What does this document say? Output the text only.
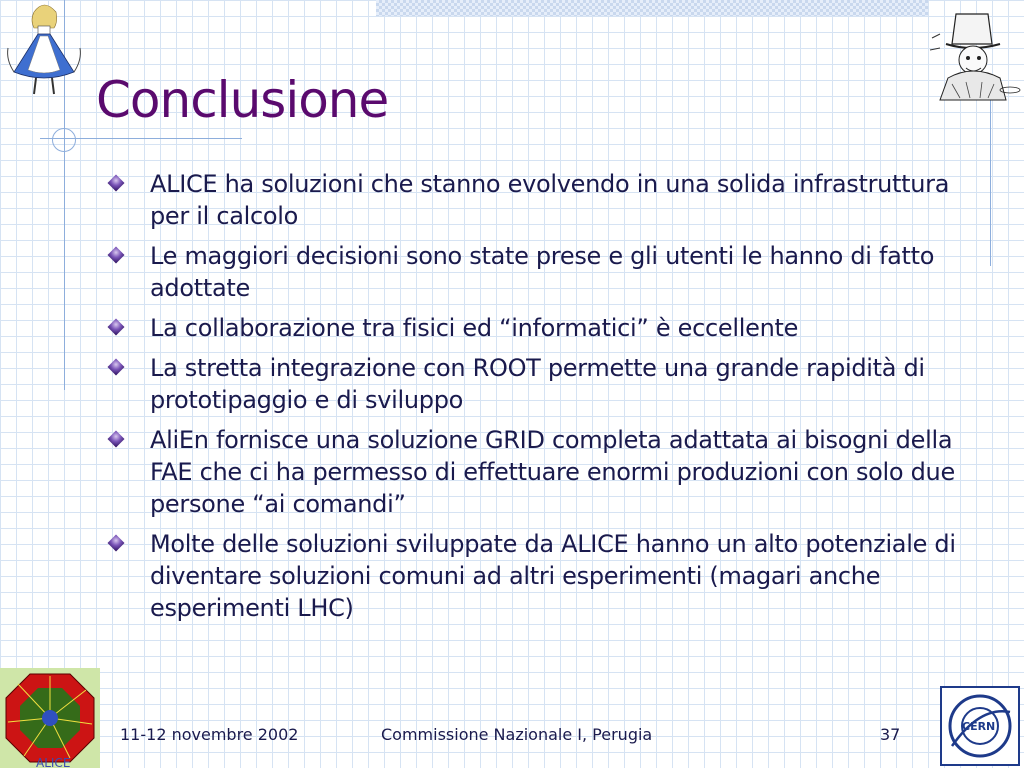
Conclusione
ALICE ha soluzioni che stanno evolvendo in una solida infrastruttura per il calcolo
Le maggiori decisioni sono state prese e gli utenti le hanno di fatto adottate
La collaborazione tra fisici ed “informatici” è eccellente
La stretta integrazione con ROOT permette una grande rapidità di prototipaggio e di sviluppo
AliEn fornisce una soluzione GRID completa adattata ai bisogni della FAE che ci ha permesso di effettuare enormi produzioni con solo due persone “ai comandi”
Molte delle soluzioni sviluppate da ALICE hanno un alto potenziale di diventare soluzioni comuni ad altri esperimenti (magari anche esperimenti LHC)
ALICE
11-12 novembre 2002	Commissione Nazionale I, Perugia	37	CERN
